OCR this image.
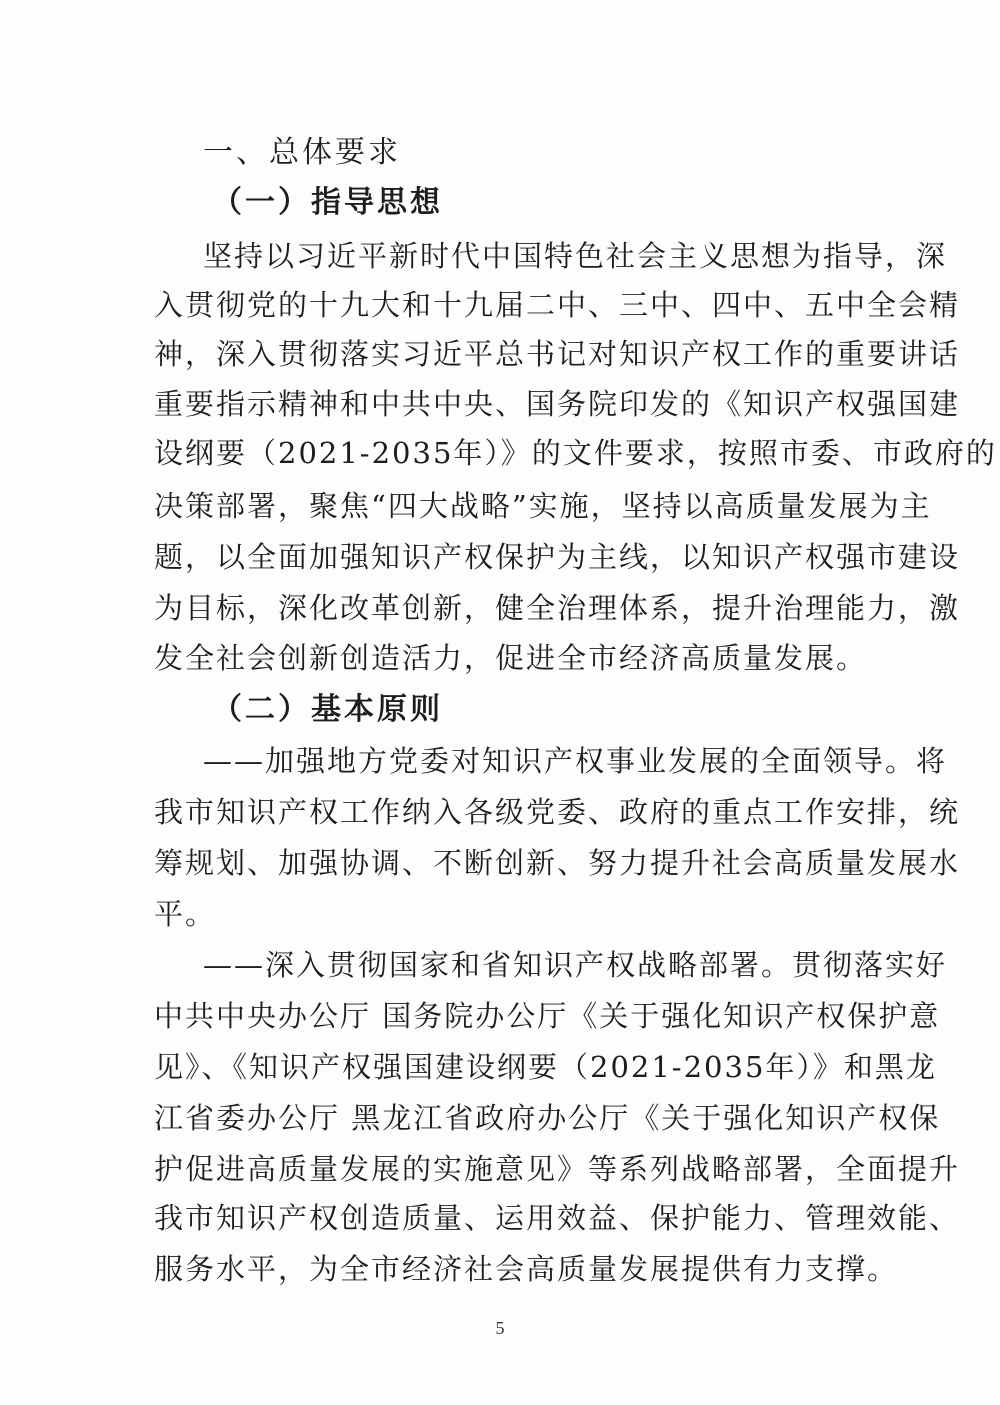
一、总体要求
（一）指导思想
坚持以习近平新时代中国特色社会主义思想为指导，深
入贯彻党的十九大和十九届二中、三中、四中、五中全会精
神，深入贯彻落实习近平总书记对知识产权工作的重要讲话
重要指示精神和中共中央、国务院印发的《知识产权强国建
设纲要（2021-2035年）》的文件要求，按照市委、市政府的
决策部署，聚焦“四大战略”实施，坚持以高质量发展为主
题，以全面加强知识产权保护为主线，以知识产权强市建设
为目标，深化改革创新，健全治理体系，提升治理能力，激
发全社会创新创造活力，促进全市经济高质量发展。
（二）基本原则
——加强地方党委对知识产权事业发展的全面领导。将
我市知识产权工作纳入各级党委、政府的重点工作安排，统
筹规划、加强协调、不断创新、努力提升社会高质量发展水
平。
——深入贯彻国家和省知识产权战略部署。贯彻落实好
中共中央办公厅 国务院办公厅《关于强化知识产权保护意
见》、《知识产权强国建设纲要（2021-2035年）》和黑龙
江省委办公厅 黑龙江省政府办公厅《关于强化知识产权保
护促进高质量发展的实施意见》等系列战略部署，全面提升
我市知识产权创造质量、运用效益、保护能力、管理效能、
服务水平，为全市经济社会高质量发展提供有力支撑。
5
